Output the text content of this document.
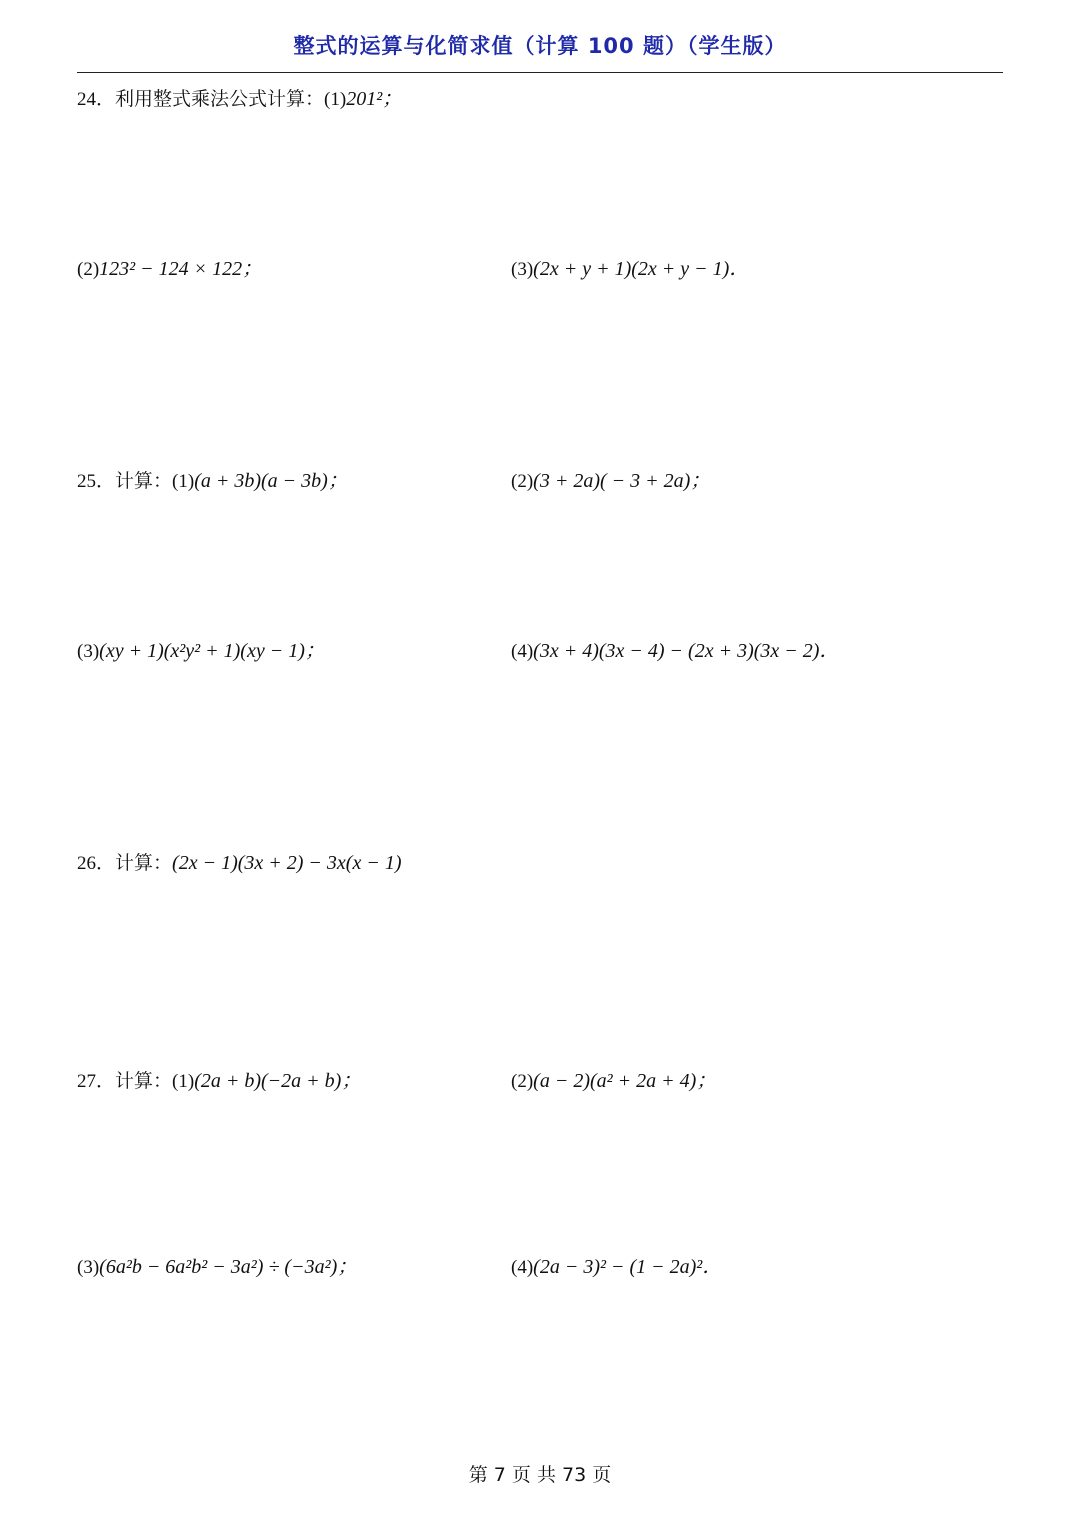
整式的运算与化简求值（计算 100 题）（学生版）
24．利用整式乘法公式计算：(1)201²；
(2)123² − 124 × 122；	(3)(2x + y + 1)(2x + y − 1)．
25．计算：(1)(a + 3b)(a − 3b)；	(2)(3 + 2a)( − 3 + 2a)；
(3)(xy + 1)(x²y² + 1)(xy − 1)；	(4)(3x + 4)(3x − 4) − (2x + 3)(3x − 2)．
26．计算：(2x − 1)(3x + 2) − 3x(x − 1)
27．计算：(1)(2a + b)(−2a + b)；	(2)(a − 2)(a² + 2a + 4)；
(3)(6a²b − 6a²b² − 3a²) ÷ (−3a²)；	(4)(2a − 3)² − (1 − 2a)²．
第 7 页 共 73 页
